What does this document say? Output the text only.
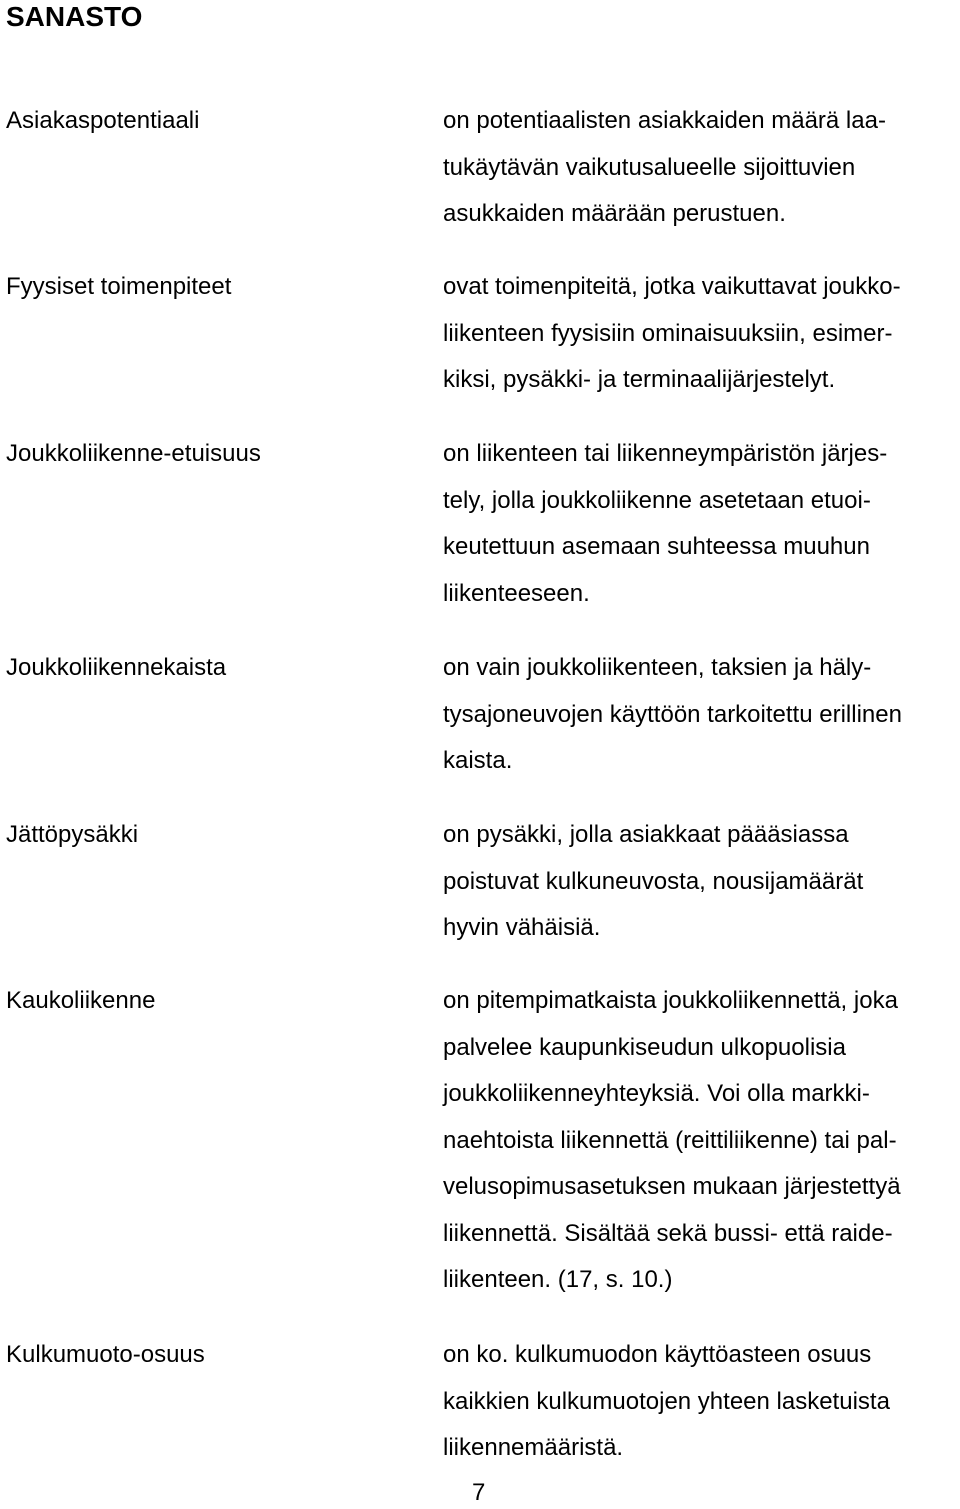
SANASTO
Asiakaspotentiaali	on potentiaalisten asiakkaiden määrä laa-
tukäytävän vaikutusalueelle sijoittuvien
asukkaiden määrään perustuen.
Fyysiset toimenpiteet	ovat toimenpiteitä, jotka vaikuttavat joukko-
liikenteen fyysisiin ominaisuuksiin, esimer-
kiksi, pysäkki- ja terminaalijärjestelyt.
Joukkoliikenne-etuisuus	on liikenteen tai liikenneympäristön järjes-
tely, jolla joukkoliikenne asetetaan etuoi-
keutettuun asemaan suhteessa muuhun
liikenteeseen.
Joukkoliikennekaista	on vain joukkoliikenteen, taksien ja häly-
tysajoneuvojen käyttöön tarkoitettu erillinen
kaista.
Jättöpysäkki	on pysäkki, jolla asiakkaat päääsiassa
poistuvat kulkuneuvosta, nousijamäärät
hyvin vähäisiä.
Kaukoliikenne	on pitempimatkaista joukkoliikennettä, joka
palvelee kaupunkiseudun ulkopuolisia
joukkoliikenneyhteyksiä. Voi olla markki-
naehtoista liikennettä (reittiliikenne) tai pal-
velusopimusasetuksen mukaan järjestettyä
liikennettä. Sisältää sekä bussi- että raide-
liikenteen. (17, s. 10.)
Kulkumuoto-osuus	on ko. kulkumuodon käyttöasteen osuus
kaikkien kulkumuotojen yhteen lasketuista
liikennemääristä.
7
